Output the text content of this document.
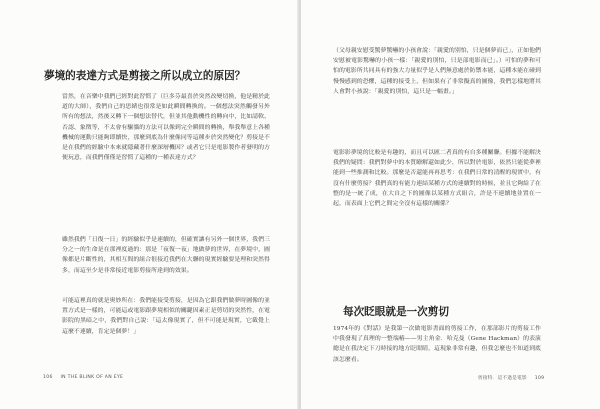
夢境的表達方式是剪接之所以成立的原因？

當然，在音樂中我們已經對此習慣了（巨多芬最喜於突然改變切換，他是精於此道的大師），我們自己的思緒也很常是如此瞬間轉換的。一個想法突然觸發另外所有的想法，然後又轉下一個想法替代，但並其他動機性的轉向中，比如請軟、否認、象徵等，不太會有驅貓的方法可以像到完全瞬間的轉換，舉我舉意上各種機械的運動只能夠即續快，那麼到底為什麼像同等這種步於突然變化？剪接是不是在我們的經驗中本來就隱藏著什麼深層機因？或者它只是電影製作者發明的方便玩意，而我們僅僅是習慣了這種的一種表達方式？

雖然我們「日復一日」的經驗似乎是連續的，但確實讓有另外一個世界，我們三分之一的生命是在那裡度過的：那是「夜復一夜」地做夢的世界，在夢境中，圖像都是片斷性的，其相互間的組合很接近我們在大聯的現實經驗要是理和突然得多，而這至少是非常接近電影剪接所達到的效果。

可能這裡真的就是奧妙所在：我們能接受剪接，是因為它跟我們做夢時圖像的並置方式是一樣的，可能這或電影跟夢境相似的關鍵因素正是剪切的突然性，在電影院的黑暗之中，我們對自己說：「這太像現實了，但不可能是現實，它截覺上這麼不連續，肯定是個夢！」

106 IN THE BLINK OF AN EYE

（父母親安慰受驚夢驚嚇的小孩會說：「親愛的別怕，只是個夢而已」，正如他們安慰被電影驚嚇的小孩一樣：「親愛的別怕，只是部電影而已」。）可怕的夢和可怕的電影所共同具有的強大力量似乎是人們無意處於防禦本能，這種本能在碰到慢慢感到的恐懼，這種的接受上，但如果有了非常擬真的圖像，我們怎樣地將其人會對小孩說：「親愛的別怕，這只是一幅畫。」

電影影夢境的比較是有趣的，而且可以匯二者真的有自多種關聯。但據不能解決我們的疑問：我們對夢中的本質瞭解還如此少，所以對於電影，依然只能從夢裡能到一些推測和比較。那麼是否還能再再思考：在我們日常的清醒的現實中，有沒有什麼剪接？我們真的有能力連結某種方式的連續對的時候，並且它夠給了在整的是一統了成，在大自之下的圖像以某種方式組合，許是不連續地並置在一起，而表面上它們之間完全沒有這樣的關係？

每次眨眼就是一次剪切

1974年的《對話》是我第一次做電影書面的剪接工作，在那部影片的剪接工作中我發現了真理的一整端樁——男主角金．哈克曼（Gene Hackman）的表演總是在我決定下刀時接的地方眨眼睛，這現象非常有趣，但我怎麼也不知道到底該怎麼看。

剪接特．這不過是電影 109
